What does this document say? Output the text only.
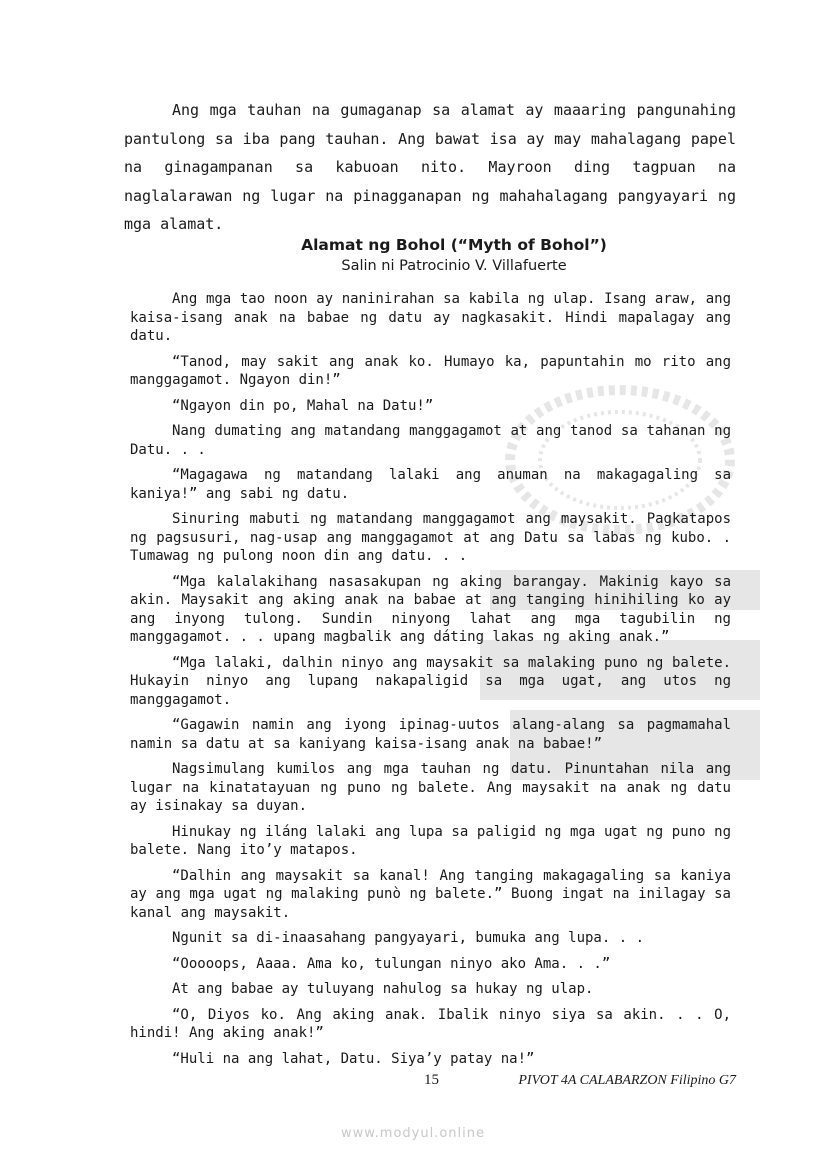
Ang mga tauhan na gumaganap sa alamat ay maaaring pangunahing pantulong sa iba pang tauhan. Ang bawat isa ay may mahalagang papel na ginagampanan sa kabuoan nito. Mayroon ding tagpuan na naglalarawan ng lugar na pinagganapan ng mahahalagang pangyayari ng mga alamat.

Alamat ng Bohol (“Myth of Bohol”)

Salin ni Patrocinio V. Villafuerte

Ang mga tao noon ay naninirahan sa kabila ng ulap. Isang araw, ang kaisa-isang anak na babae ng datu ay nagkasakit. Hindi mapalagay ang datu.

“Tanod, may sakit ang anak ko. Humayo ka, papuntahin mo rito ang manggagamot. Ngayon din!”

“Ngayon din po, Mahal na Datu!”

Nang dumating ang matandang manggagamot at ang tanod sa tahanan ng Datu. . .

“Magagawa ng matandang lalaki ang anuman na makagagaling sa kaniya!” ang sabi ng datu.

Sinuring mabuti ng matandang manggagamot ang maysakit. Pagkatapos ng pagsusuri, nag-usap ang manggagamot at ang Datu sa labas ng kubo. . Tumawag ng pulong noon din ang datu. . .

“Mga kalalakihang nasasakupan ng aking barangay. Makinig kayo sa akin. Maysakit ang aking anak na babae at ang tanging hinihiling ko ay ang inyong tulong. Sundin ninyong lahat ang mga tagubilin ng manggagamot. . . upang magbalik ang dáting lakas ng aking anak.”

“Mga lalaki, dalhin ninyo ang maysakit sa malaking puno ng balete. Hukayin ninyo ang lupang nakapaligid sa mga ugat, ang utos ng manggagamot.

“Gagawin namin ang iyong ipinag-uutos alang-alang sa pagmamahal namin sa datu at sa kaniyang kaisa-isang anak na babae!”

Nagsimulang kumilos ang mga tauhan ng datu. Pinuntahan nila ang lugar na kinatatayuan ng puno ng balete. Ang maysakit na anak ng datu ay isinakay sa duyan.

Hinukay ng iláng lalaki ang lupa sa paligid ng mga ugat ng puno ng balete. Nang ito’y matapos.

“Dalhin ang maysakit sa kanal! Ang tanging makagagaling sa kaniya ay ang mga ugat ng malaking punò ng balete.” Buong ingat na inilagay sa kanal ang maysakit.

Ngunit sa di-inaasahang pangyayari, bumuka ang lupa. . .

“Ooooops, Aaaa. Ama ko, tulungan ninyo ako Ama. . .”

At ang babae ay tuluyang nahulog sa hukay ng ulap.

“O, Diyos ko. Ang aking anak. Ibalik ninyo siya sa akin. . . O, hindi! Ang aking anak!”

“Huli na ang lahat, Datu. Siya’y patay na!”

15	PIVOT 4A CALABARZON Filipino G7
www.modyul.online
